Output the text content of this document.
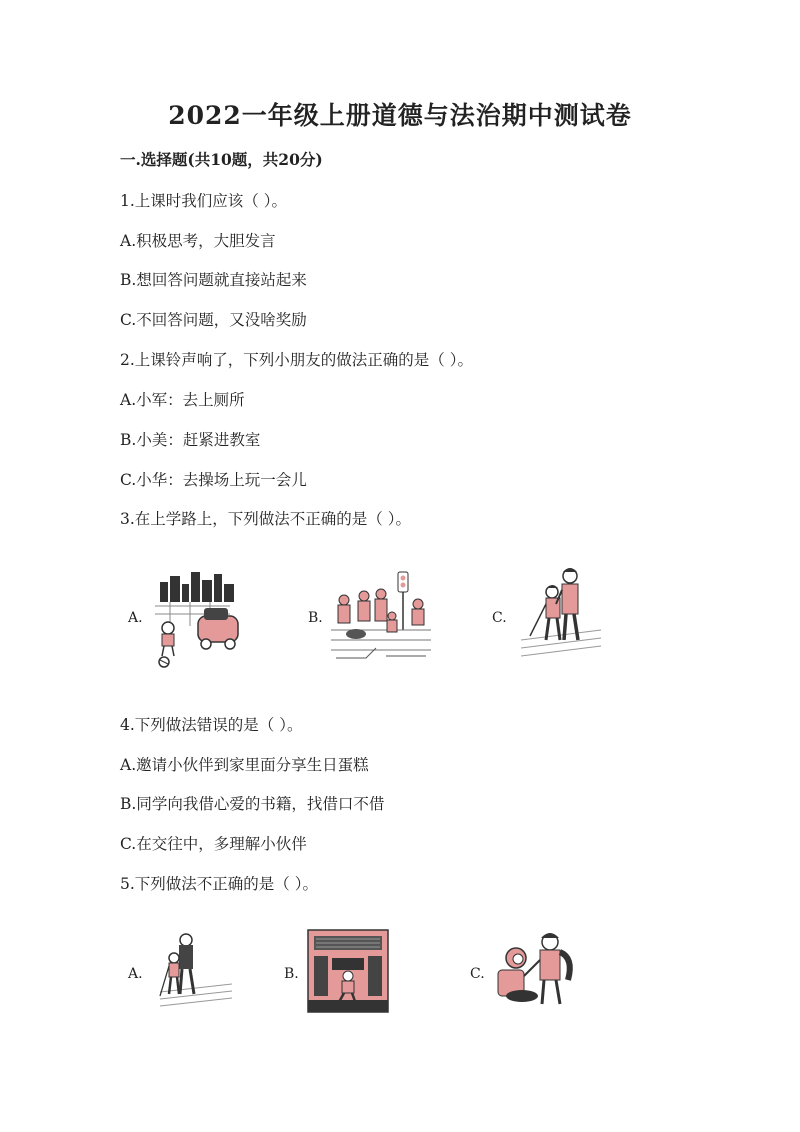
2022一年级上册道德与法治期中测试卷
一.选择题(共10题，共20分)
1.上课时我们应该（ ）。
A.积极思考，大胆发言
B.想回答问题就直接站起来
C.不回答问题，又没啥奖励
2.上课铃声响了，下列小朋友的做法正确的是（ ）。
A.小军：去上厕所
B.小美：赶紧进教室
C.小华：去操场上玩一会儿
3.在上学路上，下列做法不正确的是（ ）。
A.	B.	C.
4.下列做法错误的是（ ）。
A.邀请小伙伴到家里面分享生日蛋糕
B.同学向我借心爱的书籍，找借口不借
C.在交往中，多理解小伙伴
5.下列做法不正确的是（ ）。
A.	B.	C.
